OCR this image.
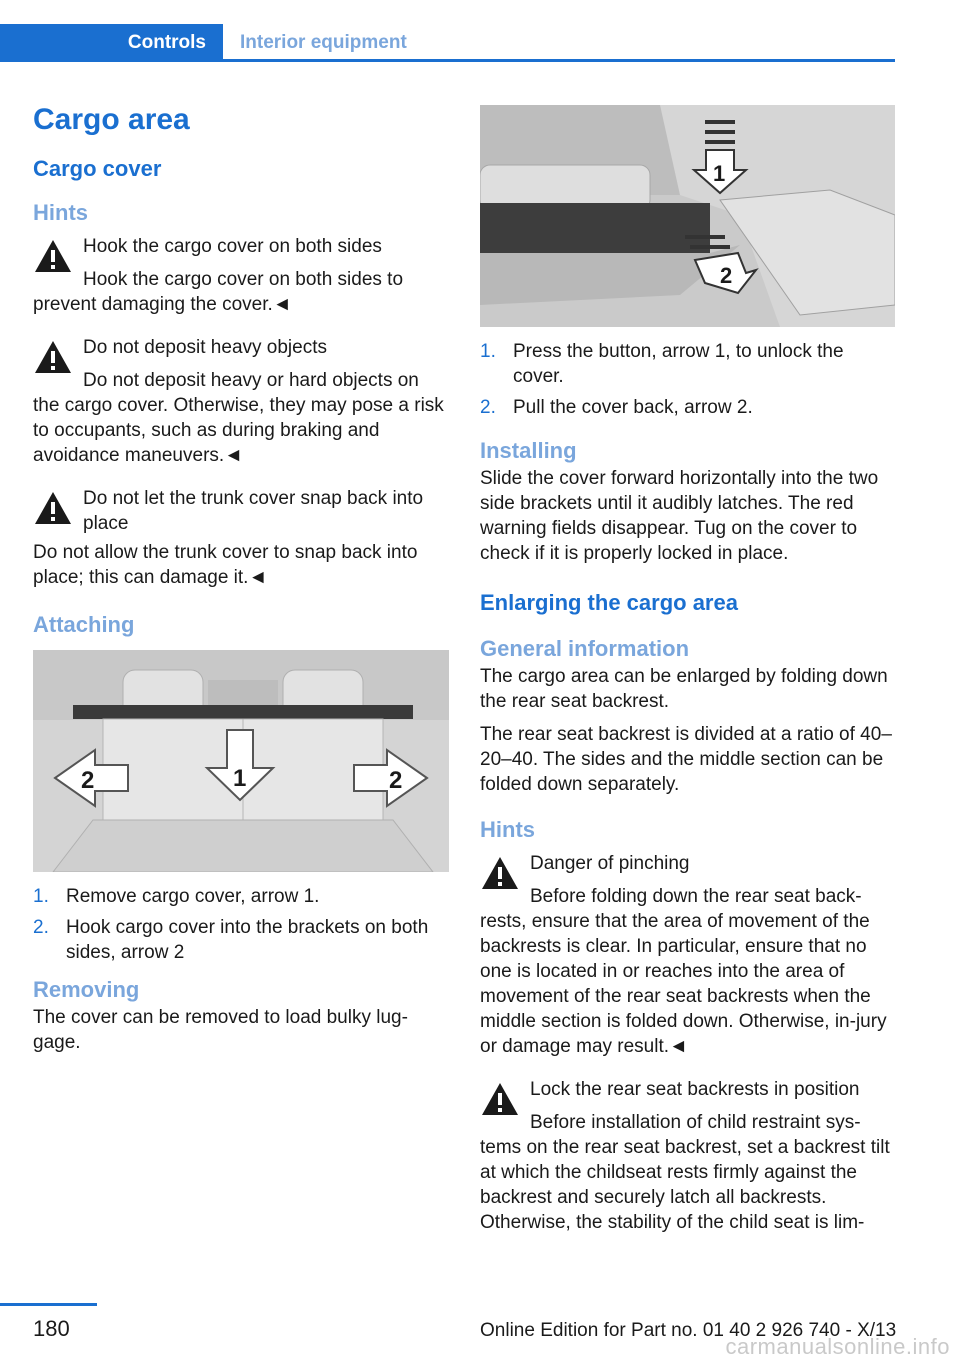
Controls	Interior equipment
Cargo area
Cargo cover
Hints
Hook the cargo cover on both sides
Hook the cargo cover on both sides to
prevent damaging the cover.◄
Do not deposit heavy objects
Do not deposit heavy or hard objects on
the cargo cover. Otherwise, they may pose a risk to occupants, such as during braking and avoidance maneuvers.◄
Do not let the trunk cover snap back into place
Do not allow the trunk cover to snap back into place; this can damage it.◄
Attaching
2	1	2
1. Remove cargo cover, arrow 1.
2. Hook cargo cover into the brackets on both sides, arrow 2
Removing

The cover can be removed to load bulky lug‐gage.

1
2
1. Press the button, arrow 1, to unlock the cover.
2. Pull the cover back, arrow 2.
Installing

Slide the cover forward horizontally into the two side brackets until it audibly latches. The red warning fields disappear. Tug on the cover to check if it is properly locked in place.

Enlarging the cargo area
General information

The cargo area can be enlarged by folding down the rear seat backrest.

The rear seat backrest is divided at a ratio of 40–20–40. The sides and the middle section can be folded down separately.

Hints
Danger of pinching
Before folding down the rear seat back‐
rests, ensure that the area of movement of the backrests is clear. In particular, ensure that no one is located in or reaches into the area of movement of the rear seat backrests when the middle section is folded down. Otherwise, in‐jury or damage may result.◄
Lock the rear seat backrests in position
Before installation of child restraint sys‐
tems on the rear seat backrest, set a backrest tilt at which the childseat rests firmly against the backrest and securely latch all backrests. Otherwise, the stability of the child seat is lim‐
180	Online Edition for Part no. 01 40 2 926 740 - X/13
carmanualsonline.info
